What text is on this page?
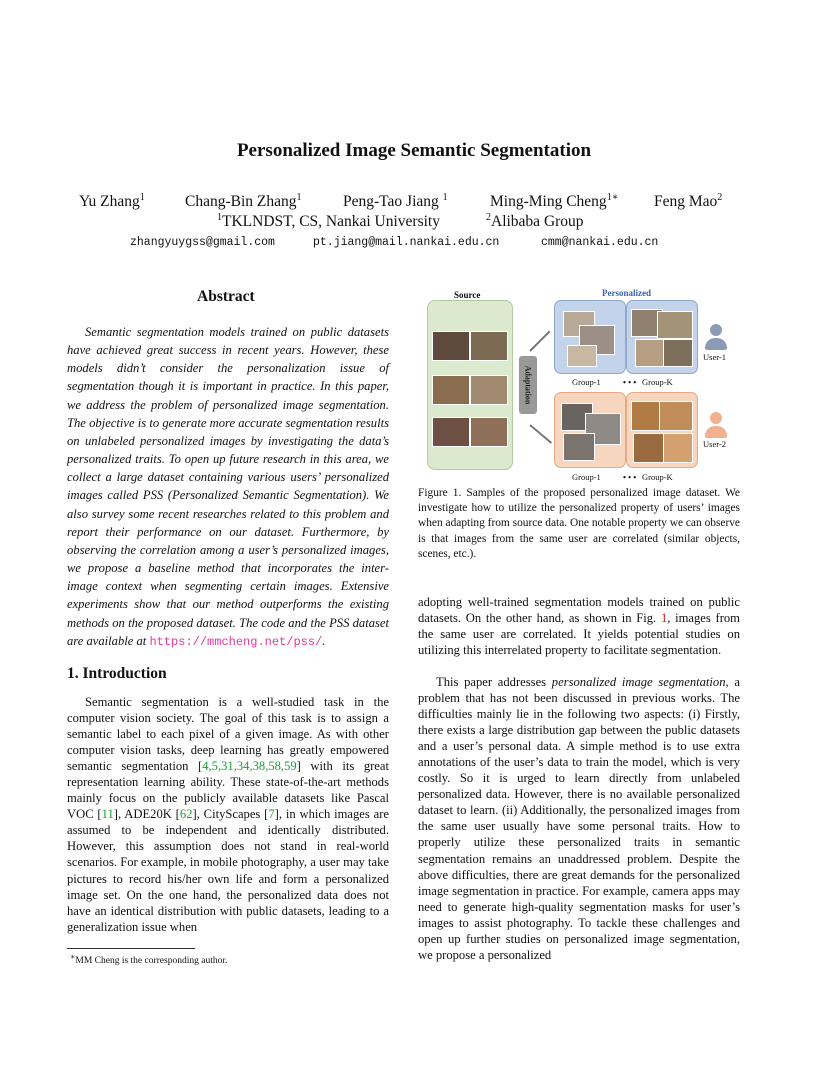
Personalized Image Semantic Segmentation
Yu Zhang$^1$	Chang-Bin Zhang$^1$	Peng-Tao Jiang $^1$	Ming-Ming Cheng$^{1∗}$ Feng Mao$^2$
$^1$TKLNDST, CS, Nankai University	$^2$Alibaba Group
zhangyuygss@gmail.com	pt.jiang@mail.nankai.edu.cn	cmm@nankai.edu.cn
Abstract

Semantic segmentation models trained on public datasets have achieved great success in recent years. However, these models didn’t consider the personalization issue of segmentation though it is important in practice. In this paper, we address the problem of personalized image segmentation. The objective is to generate more accurate segmentation results on unlabeled personalized images by investigating the data’s personalized traits. To open up future research in this area, we collect a large dataset containing various users’ personalized images called PSS (Personalized Semantic Segmentation). We also survey some recent researches related to this problem and report their performance on our dataset. Furthermore, by observing the correlation among a user’s personalized images, we propose a baseline method that incorporates the inter-image context when segmenting certain images. Extensive experiments show that our method outperforms the existing methods on the proposed dataset. The code and the PSS dataset are available at https://mmcheng.net/pss/.

1. Introduction

Semantic segmentation is a well-studied task in the computer vision society. The goal of this task is to assign a semantic label to each pixel of a given image. As with other computer vision tasks, deep learning has greatly empowered semantic segmentation [4,5,31,34,38,58,59] with its great representation learning ability. These state-of-the-art methods mainly focus on the publicly available datasets like Pascal VOC [11], ADE20K [62], CityScapes [7], in which images are assumed to be independent and identically distributed. However, this assumption does not stand in real-world scenarios. For example, in mobile photography, a user may take pictures to record his/her own life and form a personalized image set. On the one hand, the personalized data does not have an identical distribution with public datasets, leading to a generalization issue when

∗MM Cheng is the corresponding author.
Source	Personalized
Adaptation	Group-1	• • • Group-K
Group-1	• • • Group-K
User-1
User-2

Figure 1. Samples of the proposed personalized image dataset. We investigate how to utilize the personalized property of users’ images when adapting from source data. One notable property we can observe is that images from the same user are correlated (similar objects, scenes, etc.).

adopting well-trained segmentation models trained on public datasets. On the other hand, as shown in Fig. 1, images from the same user are correlated. It yields potential studies on utilizing this interrelated property to facilitate segmentation.

This paper addresses personalized image segmentation, a problem that has not been discussed in previous works. The difficulties mainly lie in the following two aspects: (i) Firstly, there exists a large distribution gap between the public datasets and a user’s personal data. A simple method is to use extra annotations of the user’s data to train the model, which is very costly. So it is urged to learn directly from unlabeled personalized data. However, there is no available personalized dataset to learn. (ii) Additionally, the personalized images from the same user usually have some personal traits. How to properly utilize these personalized traits in semantic segmentation remains an unaddressed problem. Despite the above difficulties, there are great demands for the personalized image segmentation in practice. For example, camera apps may need to generate high-quality segmentation masks for user’s images to assist photography. To tackle these challenges and open up further studies on personalized image segmentation, we propose a personalized
